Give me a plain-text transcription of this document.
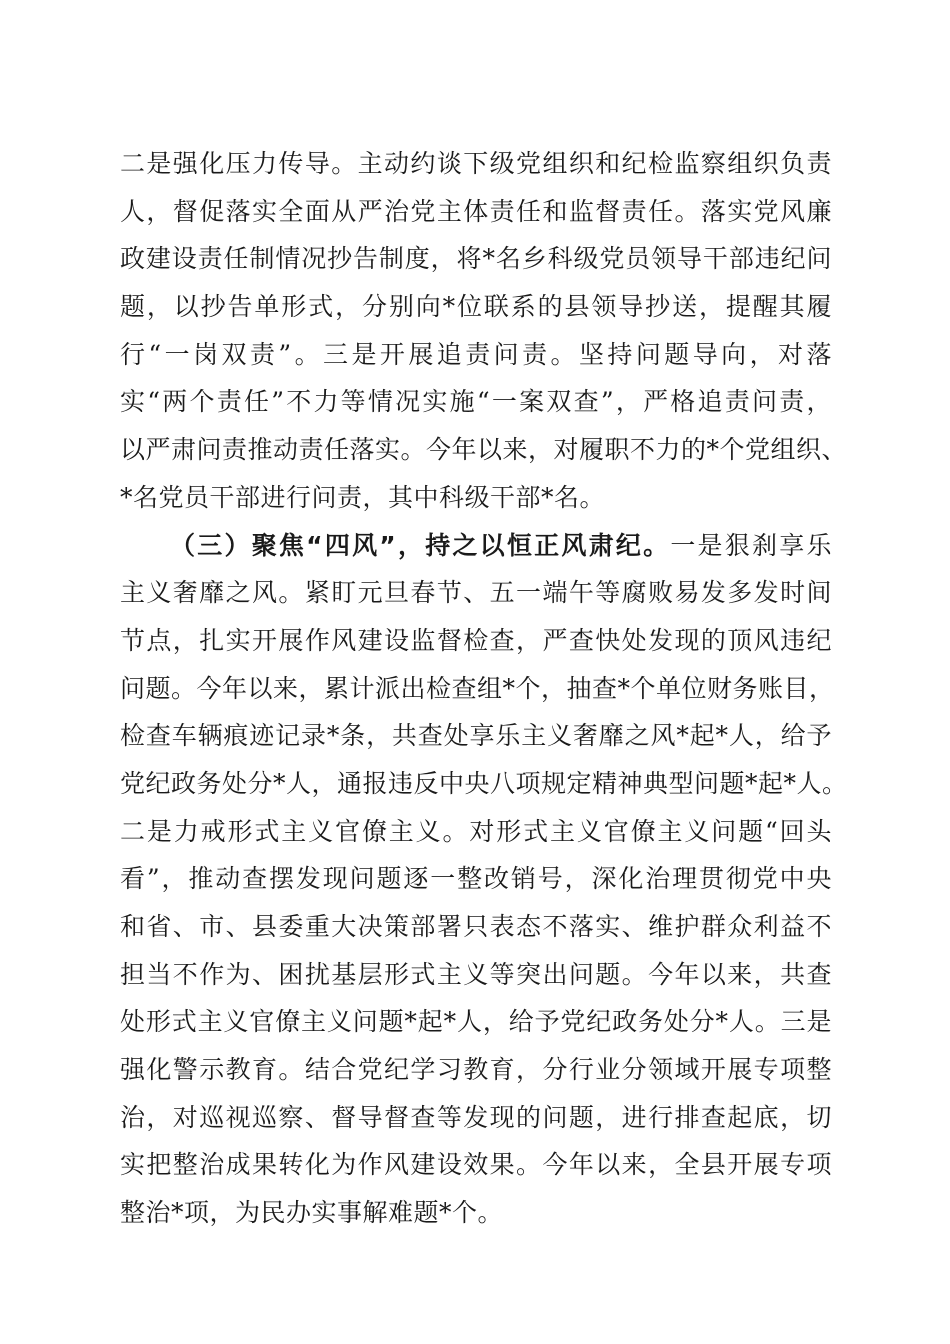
二是强化压力传导。主动约谈下级党组织和纪检监察组织负责
人，督促落实全面从严治党主体责任和监督责任。落实党风廉
政建设责任制情况抄告制度，将*名乡科级党员领导干部违纪问
题，以抄告单形式，分别向*位联系的县领导抄送，提醒其履
行“一岗双责”。三是开展追责问责。坚持问题导向，对落
实“两个责任”不力等情况实施“一案双查”，严格追责问责，
以严肃问责推动责任落实。今年以来，对履职不力的*个党组织、
*名党员干部进行问责，其中科级干部*名。
（三）聚焦“四风”，持之以恒正风肃纪。一是狠刹享乐
主义奢靡之风。紧盯元旦春节、五一端午等腐败易发多发时间
节点，扎实开展作风建设监督检查，严查快处发现的顶风违纪
问题。今年以来，累计派出检查组*个，抽查*个单位财务账目，
检查车辆痕迹记录*条，共查处享乐主义奢靡之风*起*人，给予
党纪政务处分*人，通报违反中央八项规定精神典型问题*起*人。
二是力戒形式主义官僚主义。对形式主义官僚主义问题“回头
看”，推动查摆发现问题逐一整改销号，深化治理贯彻党中央
和省、市、县委重大决策部署只表态不落实、维护群众利益不
担当不作为、困扰基层形式主义等突出问题。今年以来，共查
处形式主义官僚主义问题*起*人，给予党纪政务处分*人。三是
强化警示教育。结合党纪学习教育，分行业分领域开展专项整
治，对巡视巡察、督导督查等发现的问题，进行排查起底，切
实把整治成果转化为作风建设效果。今年以来，全县开展专项
整治*项，为民办实事解难题*个。
